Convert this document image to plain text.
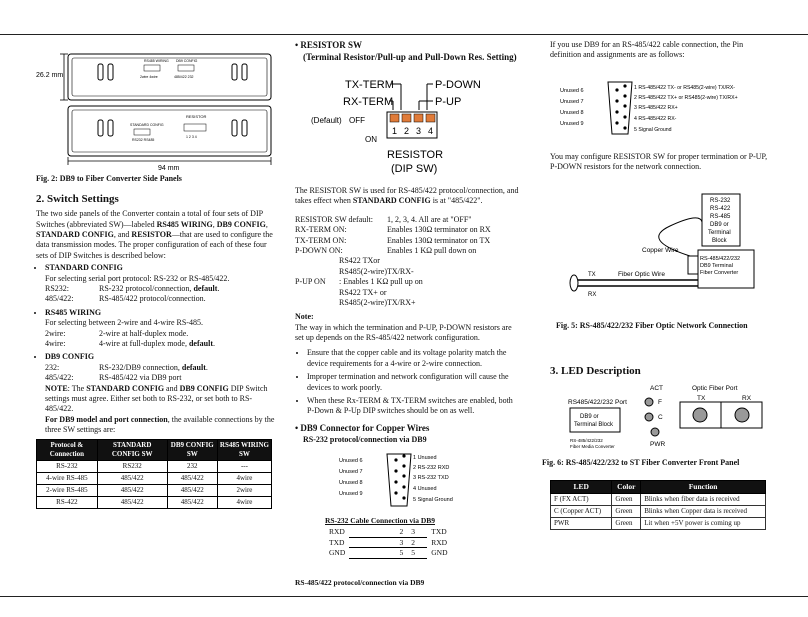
26.2 mm
RS485 WIRING
2wire 4wire
DB9 CONFIG
485/422 232
STANDARD CONFIG
RS232 RS485
RESISTOR
1 2 3 4
94 mm
Fig. 2: DB9 to Fiber Converter Side Panels
2. Switch Settings
The two side panels of the Converter contain a total of four sets of DIP Switches (abbreviated SW)—labeled RS485 WIRING, DB9 CONFIG, STANDARD CONFIG, and RESISTOR—that are used to configure the data transmission modes. The proper configuration of each of these four sets of DIP Switches is described below:
• STANDARD CONFIG
For selecting serial port protocol: RS-232 or RS-485/422.
RS232:	RS-232 protocol/connection, default.
485/422:	RS-485/422 protocol/connection.
• RS485 WIRING
For selecting between 2-wire and 4-wire RS-485.
2wire:	2-wire at half-duplex mode.
4wire:	4-wire at full-duplex mode, default.
• DB9 CONFIG
232:	RS-232/DB9 connection, default.
485/422:	RS-485/422 via DB9 port
NOTE: The STANDARD CONFIG and DB9 CONFIG DIP Switch settings must agree. Either set both to RS-232, or set both to RS-485/422.
For DB9 model and port connection, the available connections by the three SW settings are:
Protocol & Connection	STANDARD CONFIG SW	DB9 CONFIG SW	RS485 WIRING SW
RS-232	RS232	232	---
4-wire RS-485	485/422	485/422	4wire
2-wire RS-485	485/422	485/422	2wire
RS-422	485/422	485/422	4wire
• RESISTOR SW
(Terminal Resistor/Pull-up and Pull-Down Res. Setting)
TX-TERM
RX-TERM
P-DOWN
P-UP
(Default) OFF
ON
1 2 3 4
RESISTOR
(DIP SW)
The RESISTOR SW is used for RS-485/422 protocol/connection, and takes effect when STANDARD CONFIG is at "485/422".
RESISTOR SW default:	1, 2, 3, 4. All are at "OFF"
RX-TERM ON:	Enables 130Ω terminator on RX
TX-TERM ON:	Enables 130Ω terminator on TX
P-DOWN ON:	Enables 1 KΩ pull down on
RS422 TXor
RS485(2-wire)TX/RX-
P-UP ON	: Enables 1 KΩ pull up on
RS422 TX+ or
RS485(2-wire)TX/RX+
Note:
The way in which the termination and P-UP, P-DOWN resistors are set up depends on the RS-485/422 network configuration.
• Ensure that the copper cable and its voltage polarity match the device requirements for a 4-wire or 2-wire connection.
• Improper termination and network configuration will cause the devices to work poorly.
• When these Rx-TERM & TX-TERM switches are enabled, both P-Down & P-Up DIP switches should be on as well.
• DB9 Connector for Copper Wires
RS-232 protocol/connection via DB9
Unused 6
Unused 7
Unused 8
Unused 9
1 Unused
2 RS-232 RXD
3 RS-232 TXD
4 Unused
5 Signal Ground
RS-232 Cable Connection via DB9
RXD	2	3	TXD
TXD	3	2	RXD
GND	5	5	GND
RS-485/422 protocol/connection via DB9
If you use DB9 for an RS-485/422 cable connection, the Pin definition and assignments are as follows:
Unused 6
Unused 7
Unused 8
Unused 9
1 RS-485/422 TX- or RS485(2-wire) TX/RX-
2 RS-485/422 TX+ or RS485(2-wire) TX/RX+
3 RS-485/422 RX+
4 RS-485/422 RX-
5 Signal Ground
You may configure RESISTOR SW for proper termination or P-UP, P-DOWN resistors for the network connection.
RS-232
RS-422
RS-485
DB9 or
Terminal
Block
Copper Wire
RS-485/422/232
DB9 Terminal
Fiber Converter
TX
RX
Fiber Optic Wire
Fig. 5: RS-485/422/232 Fiber Optic Network Connection
3. LED Description
RS485/422/232 Port
DB9 or
Terminal Block
RS-485/422/232
Fiber Media Converter
ACT
F
C
PWR
Optic Fiber Port
TX	RX
Fig. 6: RS-485/422/232 to ST Fiber Converter Front Panel
LED	Color	Function
F (FX ACT)	Green	Blinks when fiber data is received
C (Copper ACT)	Green	Blinks when Copper data is received
PWR	Green	Lit when +5V power is coming up
